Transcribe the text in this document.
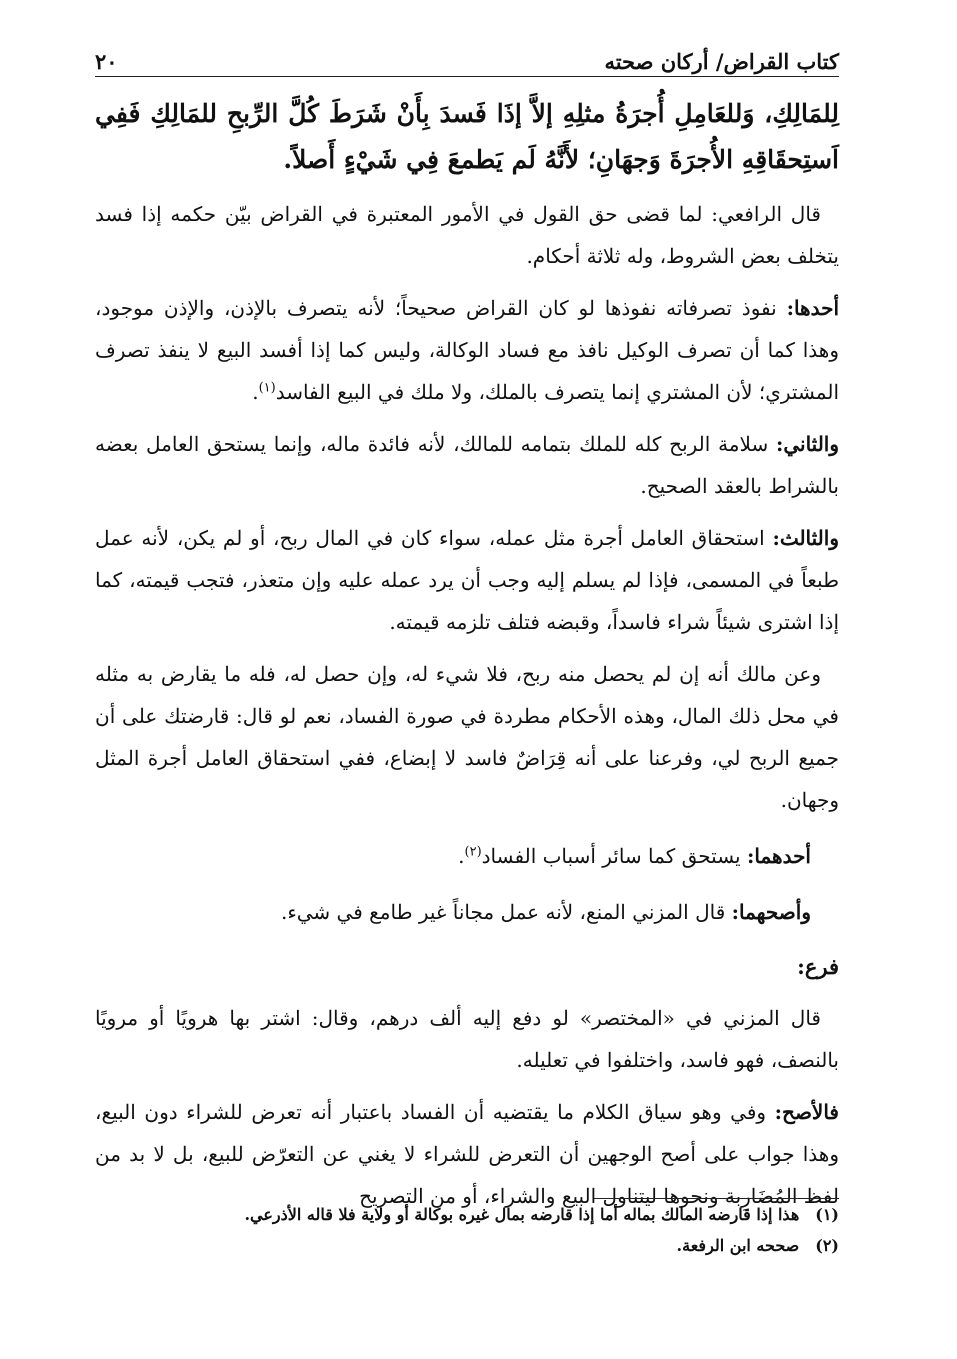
كتاب القراض/ أركان صحته
٢٠
لِلمَالِكِ، وَللعَامِلِ أُجرَةُ مثلِهِ إلاَّ إذَا فَسدَ بِأَنْ شَرَطَ كُلَّ الرِّبحِ للمَالِكِ فَفِي اَستِحقَاقِهِ الأُجرَةَ وَجهَانِ؛ لأَنَّهُ لَم يَطمعَ فِي شَيْءٍ أَصلاً.

قال الرافعي: لما قضى حق القول في الأمور المعتبرة في القراض بيّن حكمه إذا فسد يتخلف بعض الشروط، وله ثلاثة أحكام.

أحدها: نفوذ تصرفاته نفوذها لو كان القراض صحيحاً؛ لأنه يتصرف بالإذن، والإذن موجود، وهذا كما أن تصرف الوكيل نافذ مع فساد الوكالة، وليس كما إذا أفسد البيع لا ينفذ تصرف المشتري؛ لأن المشتري إنما يتصرف بالملك، ولا ملك في البيع الفاسد$^{(١)}$.

والثاني: سلامة الربح كله للملك بتمامه للمالك، لأنه فائدة ماله، وإنما يستحق العامل بعضه بالشراط بالعقد الصحيح.

والثالث: استحقاق العامل أجرة مثل عمله، سواء كان في المال ربح، أو لم يكن، لأنه عمل طبعاً في المسمى، فإذا لم يسلم إليه وجب أن يرد عمله عليه وإن متعذر، فتجب قيمته، كما إذا اشترى شيئاً شراء فاسداً، وقبضه فتلف تلزمه قيمته.

وعن مالك أنه إن لم يحصل منه ربح، فلا شيء له، وإن حصل له، فله ما يقارض به مثله في محل ذلك المال، وهذه الأحكام مطردة في صورة الفساد، نعم لو قال: قارضتك على أن جميع الربح لي، وفرعنا على أنه قِرَاضٌ فاسد لا إبضاع، ففي استحقاق العامل أجرة المثل وجهان.

أحدهما: يستحق كما سائر أسباب الفساد$^{(٢)}$.

وأصحهما: قال المزني المنع، لأنه عمل مجاناً غير طامع في شيء.

فرع:

قال المزني في «المختصر» لو دفع إليه ألف درهم، وقال: اشتر بها هرويًا أو مرويًا بالنصف، فهو فاسد، واختلفوا في تعليله.

فالأصح: وفي وهو سياق الكلام ما يقتضيه أن الفساد باعتبار أنه تعرض للشراء دون البيع، وهذا جواب على أصح الوجهين أن التعرض للشراء لا يغني عن التعرّض للبيع، بل لا بد من لفظ المُضَارِبة ونحوها ليتناول البيع والشراء، أو من التصريح

(١)
هذا إذا قارضه المالك بماله أما إذا قارضه بمال غيره بوكالة أو ولاية فلا قاله الأذرعي.
(٢)
صححه ابن الرفعة.
